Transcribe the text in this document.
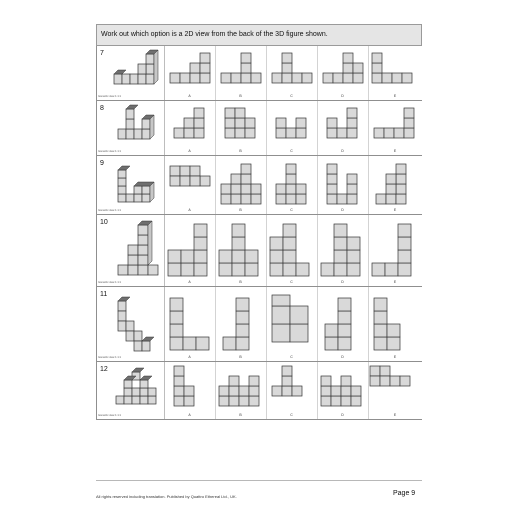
Work out which option is a 2D view from the back of the 3D figure shown.
7
Isometric view 1:1:1	A	B	C	D	E
8
Isometric view 1:1:1	A	B	C	D	E
9
Isometric view 1:1:1	A	B	C	D	E
10
Isometric view 1:1:1	A	B	C	D	E
11
Isometric view 1:1:1	A	B	C	D	E
12
Isometric view 1:1:1	A	B	C	D	E
All rights reserved including translation. Published by Quattro Ethereal Ltd., UK.	Page 9
